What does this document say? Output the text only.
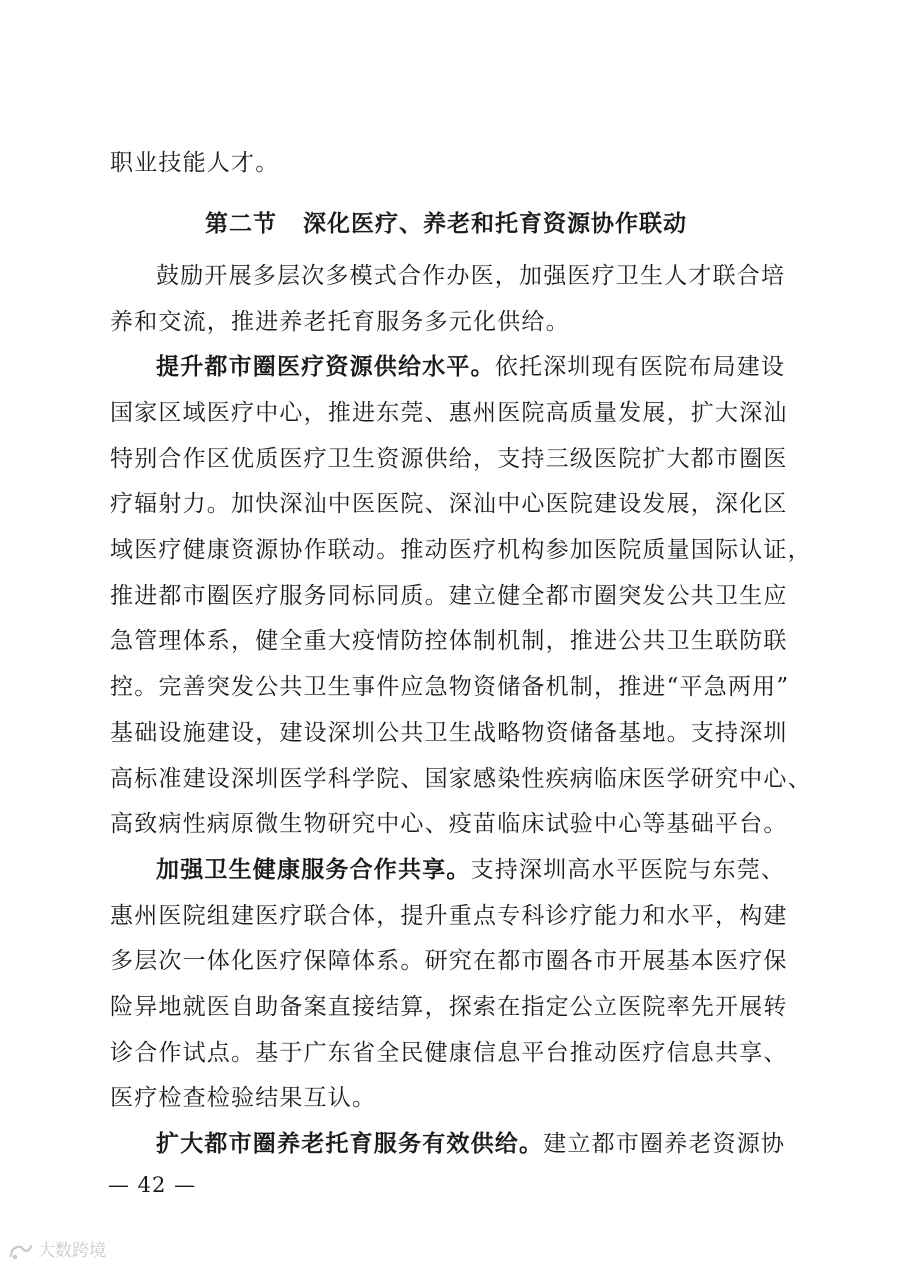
职业技能人才。
第二节 深化医疗、养老和托育资源协作联动
鼓励开展多层次多模式合作办医，加强医疗卫生人才联合培
养和交流，推进养老托育服务多元化供给。
提升都市圈医疗资源供给水平。依托深圳现有医院布局建设
国家区域医疗中心，推进东莞、惠州医院高质量发展，扩大深汕
特别合作区优质医疗卫生资源供给，支持三级医院扩大都市圈医
疗辐射力。加快深汕中医医院、深汕中心医院建设发展，深化区
域医疗健康资源协作联动。推动医疗机构参加医院质量国际认证，
推进都市圈医疗服务同标同质。建立健全都市圈突发公共卫生应
急管理体系，健全重大疫情防控体制机制，推进公共卫生联防联
控。完善突发公共卫生事件应急物资储备机制，推进“平急两用”
基础设施建设，建设深圳公共卫生战略物资储备基地。支持深圳
高标准建设深圳医学科学院、国家感染性疾病临床医学研究中心、
高致病性病原微生物研究中心、疫苗临床试验中心等基础平台。
加强卫生健康服务合作共享。支持深圳高水平医院与东莞、
惠州医院组建医疗联合体，提升重点专科诊疗能力和水平，构建
多层次一体化医疗保障体系。研究在都市圈各市开展基本医疗保
险异地就医自助备案直接结算，探索在指定公立医院率先开展转
诊合作试点。基于广东省全民健康信息平台推动医疗信息共享、
医疗检查检验结果互认。
扩大都市圈养老托育服务有效供给。建立都市圈养老资源协
— 42 —
大数跨境
